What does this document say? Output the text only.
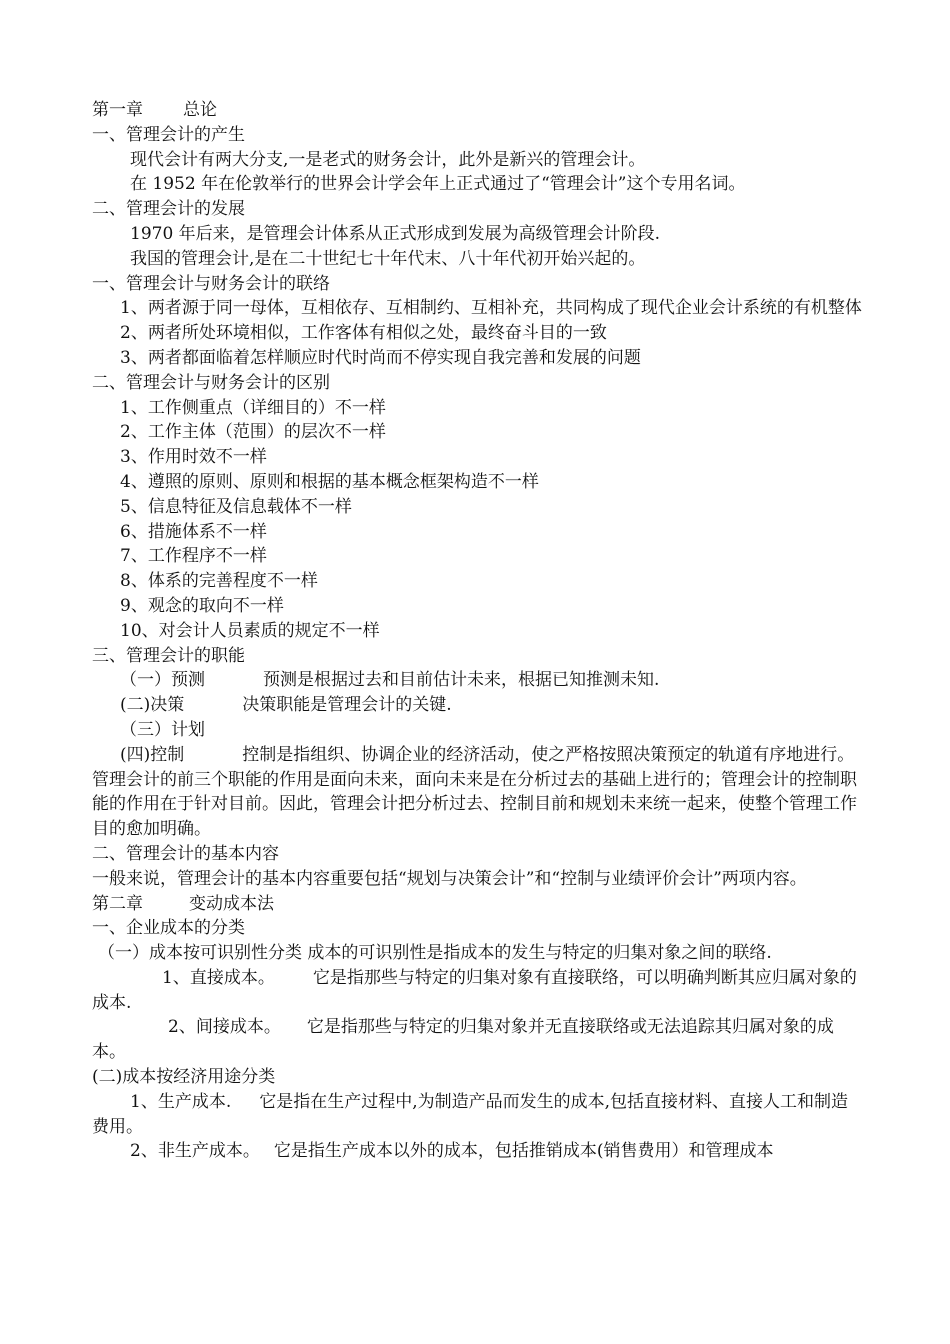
第一章 总论

一、管理会计的产生

现代会计有两大分支,一是老式的财务会计，此外是新兴的管理会计。

在 1952 年在伦敦举行的世界会计学会年上正式通过了“管理会计”这个专用名词。

二、管理会计的发展

1970 年后来，是管理会计体系从正式形成到发展为高级管理会计阶段.

我国的管理会计,是在二十世纪七十年代末、八十年代初开始兴起的。

一、管理会计与财务会计的联络

1、两者源于同一母体，互相依存、互相制约、互相补充，共同构成了现代企业会计系统的有机整体

2、两者所处环境相似，工作客体有相似之处，最终奋斗目的一致

3、两者都面临着怎样顺应时代时尚而不停实现自我完善和发展的问题

二、管理会计与财务会计的区别

1、工作侧重点（详细目的）不一样

2、工作主体（范围）的层次不一样

3、作用时效不一样

4、遵照的原则、原则和根据的基本概念框架构造不一样

5、信息特征及信息载体不一样

6、措施体系不一样

7、工作程序不一样

8、体系的完善程度不一样

9、观念的取向不一样

10、对会计人员素质的规定不一样

三、管理会计的职能

（一）预测	预测是根据过去和目前估计未来，根据已知推测未知.

(二)决策	决策职能是管理会计的关键.

（三）计划

(四)控制	控制是指组织、协调企业的经济活动，使之严格按照决策预定的轨道有序地进行。

管理会计的前三个职能的作用是面向未来，面向未来是在分析过去的基础上进行的；管理会计的控制职能的作用在于针对目前。因此，管理会计把分析过去、控制目前和规划未来统一起来，使整个管理工作目的愈加明确。

二、管理会计的基本内容

一般来说，管理会计的基本内容重要包括“规划与决策会计”和“控制与业绩评价会计”两项内容。

第二章	变动成本法

一、企业成本的分类

（一）成本按可识别性分类 成本的可识别性是指成本的发生与特定的归集对象之间的联络.

1、直接成本。 它是指那些与特定的归集对象有直接联络，可以明确判断其应归属对象的成本.

2、间接成本。 它是指那些与特定的归集对象并无直接联络或无法追踪其归属对象的成本。

(二)成本按经济用途分类

1、生产成本. 它是指在生产过程中,为制造产品而发生的成本,包括直接材料、直接人工和制造费用。

2、非生产成本。 它是指生产成本以外的成本，包括推销成本(销售费用）和管理成本
